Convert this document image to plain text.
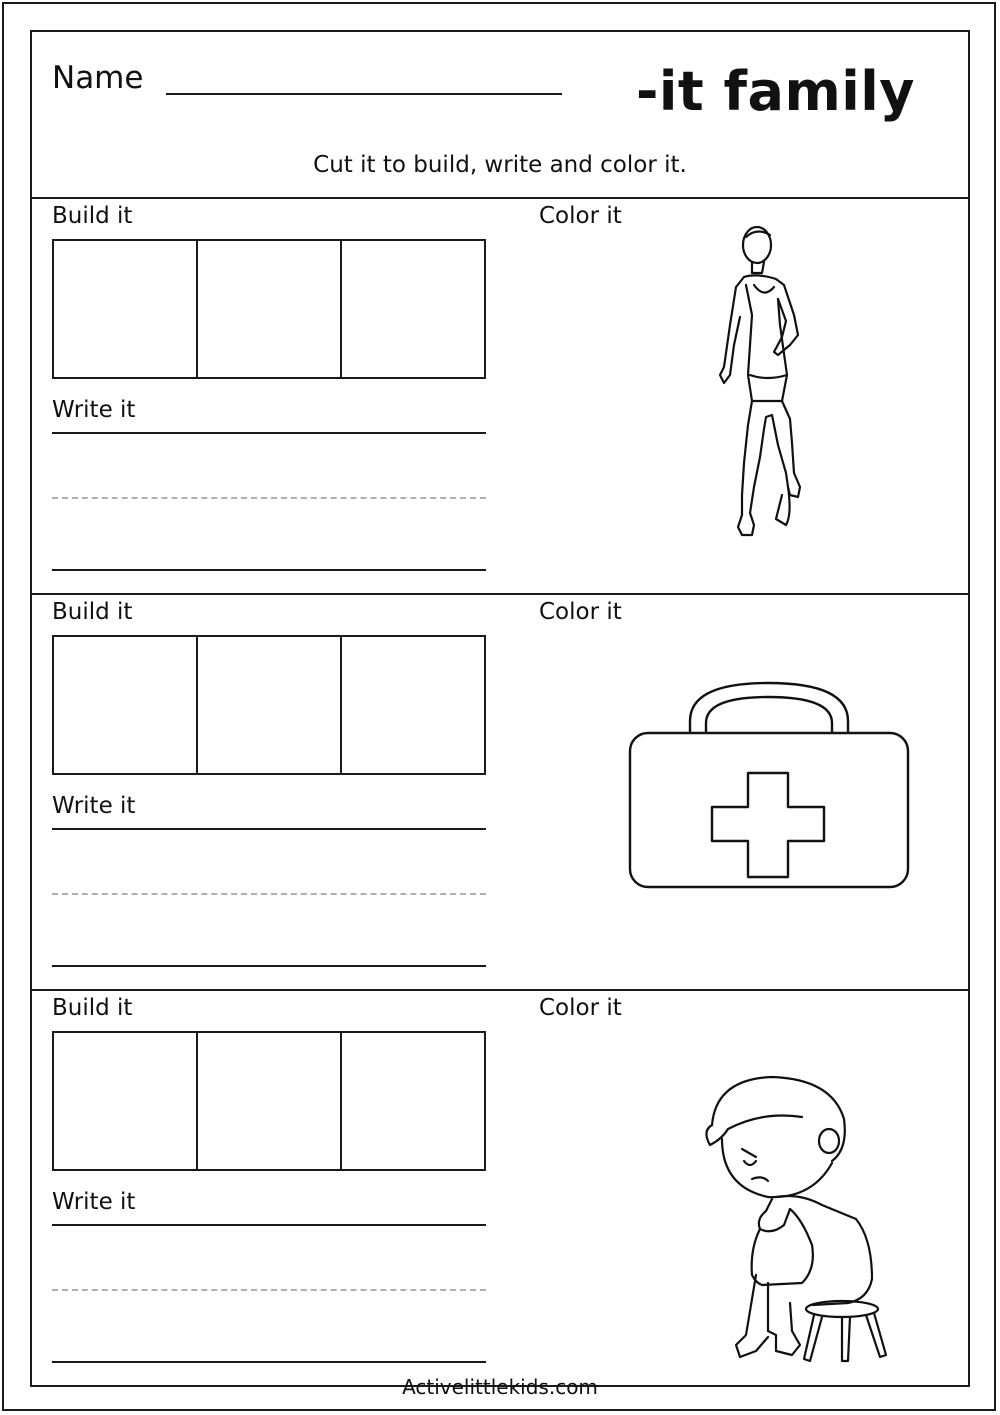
Name	-it family
Cut it to build, write and color it.
Build it	Color it
Write it
Build it	Color it
Write it
Build it	Color it
Write it
Activelittlekids.com
